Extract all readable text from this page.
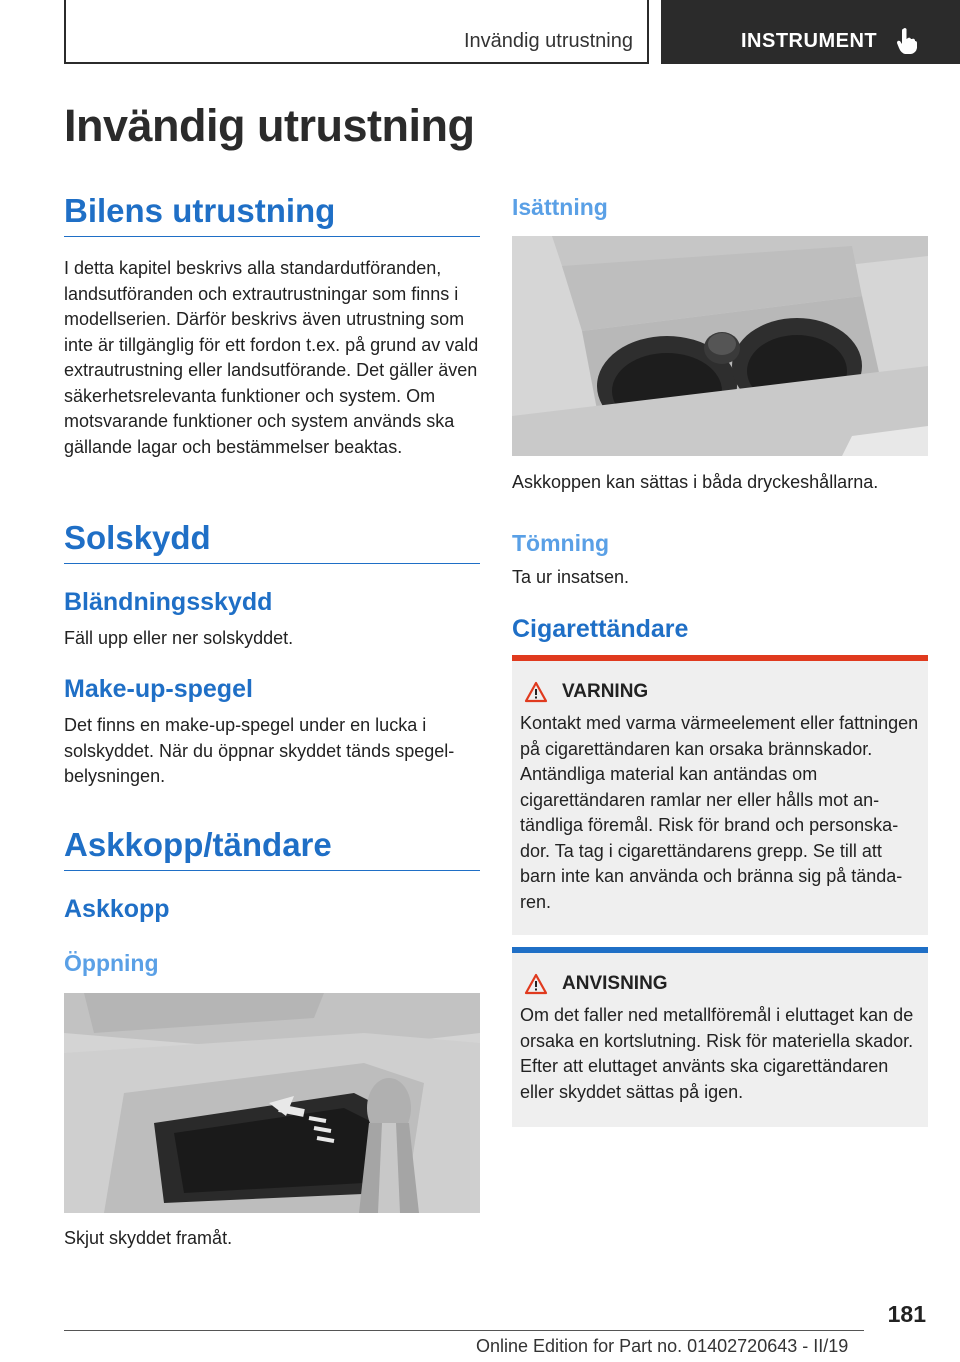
Invändig utrustning	INSTRUMENT
Invändig utrustning
Bilens utrustning

I detta kapitel beskrivs alla standardutföranden, landsutföranden och extrautrustningar som finns i modellserien. Därför beskrivs även utrustning som inte är tillgänglig för ett fordon t.ex. på grund av vald extrautrustning eller landsutförande. Det gäller även säkerhetsrelevanta funktioner och system. Om motsvarande funktioner och system används ska gällande lagar och bestämmelser beaktas.

Solskydd
Bländningsskydd

Fäll upp eller ner solskyddet.

Make-up-spegel

Det finns en make-up-spegel under en lucka i solskyddet. När du öppnar skyddet tänds spegelbelysningen.

Askkopp/tändare
Askkopp
Öppning

Skjut skyddet framåt.

Isättning

Askkoppen kan sättas i båda dryckeshållarna.

Tömning

Ta ur insatsen.

Cigarettändare
VARNING

Kontakt med varma värmeelement eller fattningen på cigarettändaren kan orsaka brännskador. Antändliga material kan antändas om cigarettändaren ramlar ner eller hålls mot antändliga föremål. Risk för brand och personskador. Ta tag i cigarettändarens grepp. Se till att barn inte kan använda och bränna sig på tändaren.

ANVISNING

Om det faller ned metallföremål i eluttaget kan de orsaka en kortslutning. Risk för materiella skador. Efter att eluttaget använts ska cigarettändaren eller skyddet sättas på igen.

181
Online Edition for Part no. 01402720643 - II/19
